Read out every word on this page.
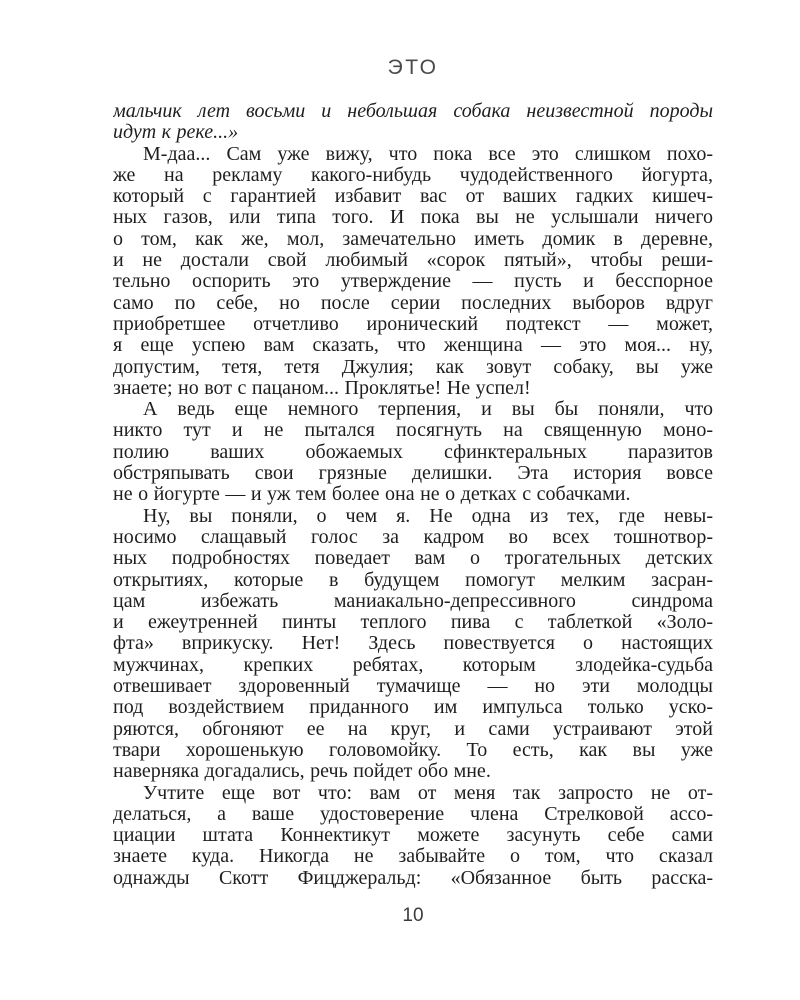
ЭТО
мальчик лет восьми и небольшая собака неизвестной породы
идут к реке...»
М-даа... Сам уже вижу, что пока все это слишком похо-
же на рекламу какого-нибудь чудодейственного йогурта,
который с гарантией избавит вас от ваших гадких кишеч-
ных газов, или типа того. И пока вы не услышали ничего
о том, как же, мол, замечательно иметь домик в деревне,
и не достали свой любимый «сорок пятый», чтобы реши-
тельно оспорить это утверждение — пусть и бесспорное
само по себе, но после серии последних выборов вдруг
приобретшее отчетливо иронический подтекст — может,
я еще успею вам сказать, что женщина — это моя... ну,
допустим, тетя, тетя Джулия; как зовут собаку, вы уже
знаете; но вот с пацаном... Проклятье! Не успел!
А ведь еще немного терпения, и вы бы поняли, что
никто тут и не пытался посягнуть на священную моно-
полию ваших обожаемых сфинктеральных паразитов
обстряпывать свои грязные делишки. Эта история вовсе
не о йогурте — и уж тем более она не о детках с собачками.
Ну, вы поняли, о чем я. Не одна из тех, где невы-
носимо слащавый голос за кадром во всех тошнотвор-
ных подробностях поведает вам о трогательных детских
открытиях, которые в будущем помогут мелким засран-
цам избежать маниакально-депрессивного синдрома
и ежеутренней пинты теплого пива с таблеткой «Золо-
фта» вприкуску. Нет! Здесь повествуется о настоящих
мужчинах, крепких ребятах, которым злодейка-судьба
отвешивает здоровенный тумачище — но эти молодцы
под воздействием приданного им импульса только уско-
ряются, обгоняют ее на круг, и сами устраивают этой
твари хорошенькую головомойку. То есть, как вы уже
наверняка догадались, речь пойдет обо мне.
Учтите еще вот что: вам от меня так запросто не от-
делаться, а ваше удостоверение члена Стрелковой ассо-
циации штата Коннектикут можете засунуть себе сами
знаете куда. Никогда не забывайте о том, что сказал
однажды Скотт Фицджеральд: «Обязанное быть расска-
10
